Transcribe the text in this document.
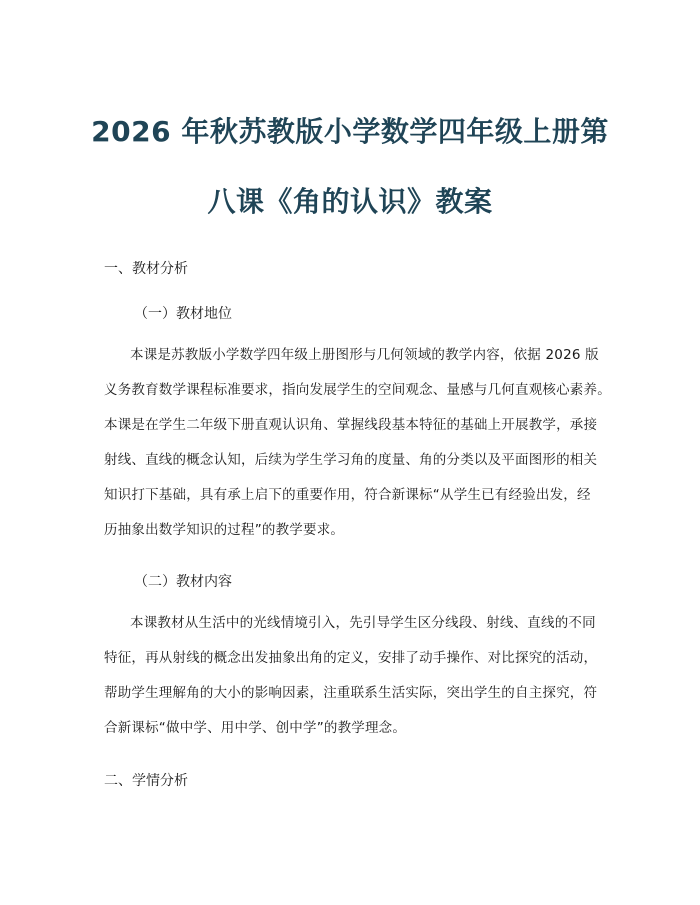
2026 年秋苏教版小学数学四年级上册第
八课《角的认识》教案
一、教材分析
（一）教材地位
本课是苏教版小学数学四年级上册图形与几何领域的教学内容，依据 2026 版
义务教育数学课程标准要求，指向发展学生的空间观念、量感与几何直观核心素养。
本课是在学生二年级下册直观认识角、掌握线段基本特征的基础上开展教学，承接
射线、直线的概念认知，后续为学生学习角的度量、角的分类以及平面图形的相关
知识打下基础，具有承上启下的重要作用，符合新课标“从学生已有经验出发，经
历抽象出数学知识的过程”的教学要求。
（二）教材内容
本课教材从生活中的光线情境引入，先引导学生区分线段、射线、直线的不同
特征，再从射线的概念出发抽象出角的定义，安排了动手操作、对比探究的活动，
帮助学生理解角的大小的影响因素，注重联系生活实际，突出学生的自主探究，符
合新课标“做中学、用中学、创中学”的教学理念。
二、学情分析
